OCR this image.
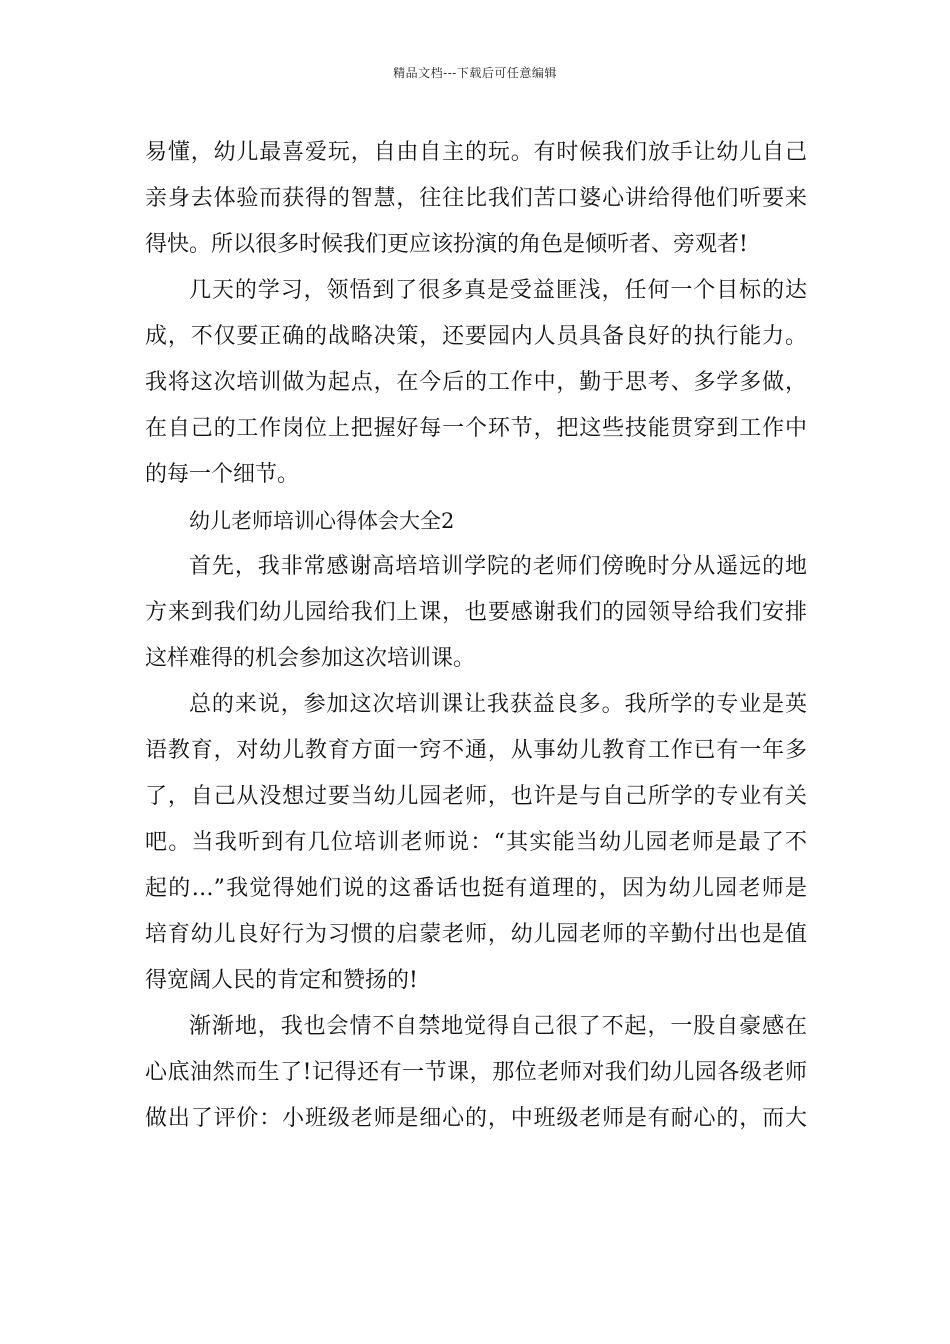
精品文档---下载后可任意编辑
易懂，幼儿最喜爱玩，自由自主的玩。有时候我们放手让幼儿自己
亲身去体验而获得的智慧，往往比我们苦口婆心讲给得他们听要来
得快。所以很多时候我们更应该扮演的角色是倾听者、旁观者!
几天的学习，领悟到了很多真是受益匪浅，任何一个目标的达
成，不仅要正确的战略决策，还要园内人员具备良好的执行能力。
我将这次培训做为起点，在今后的工作中，勤于思考、多学多做，
在自己的工作岗位上把握好每一个环节，把这些技能贯穿到工作中
的每一个细节。
幼儿老师培训心得体会大全2
首先，我非常感谢高培培训学院的老师们傍晚时分从遥远的地
方来到我们幼儿园给我们上课，也要感谢我们的园领导给我们安排
这样难得的机会参加这次培训课。
总的来说，参加这次培训课让我获益良多。我所学的专业是英
语教育，对幼儿教育方面一窍不通，从事幼儿教育工作已有一年多
了，自己从没想过要当幼儿园老师，也许是与自己所学的专业有关
吧。当我听到有几位培训老师说：“其实能当幼儿园老师是最了不
起的…”我觉得她们说的这番话也挺有道理的，因为幼儿园老师是
培育幼儿良好行为习惯的启蒙老师，幼儿园老师的辛勤付出也是值
得宽阔人民的肯定和赞扬的!
渐渐地，我也会情不自禁地觉得自己很了不起，一股自豪感在
心底油然而生了!记得还有一节课，那位老师对我们幼儿园各级老师
做出了评价：小班级老师是细心的，中班级老师是有耐心的，而大
